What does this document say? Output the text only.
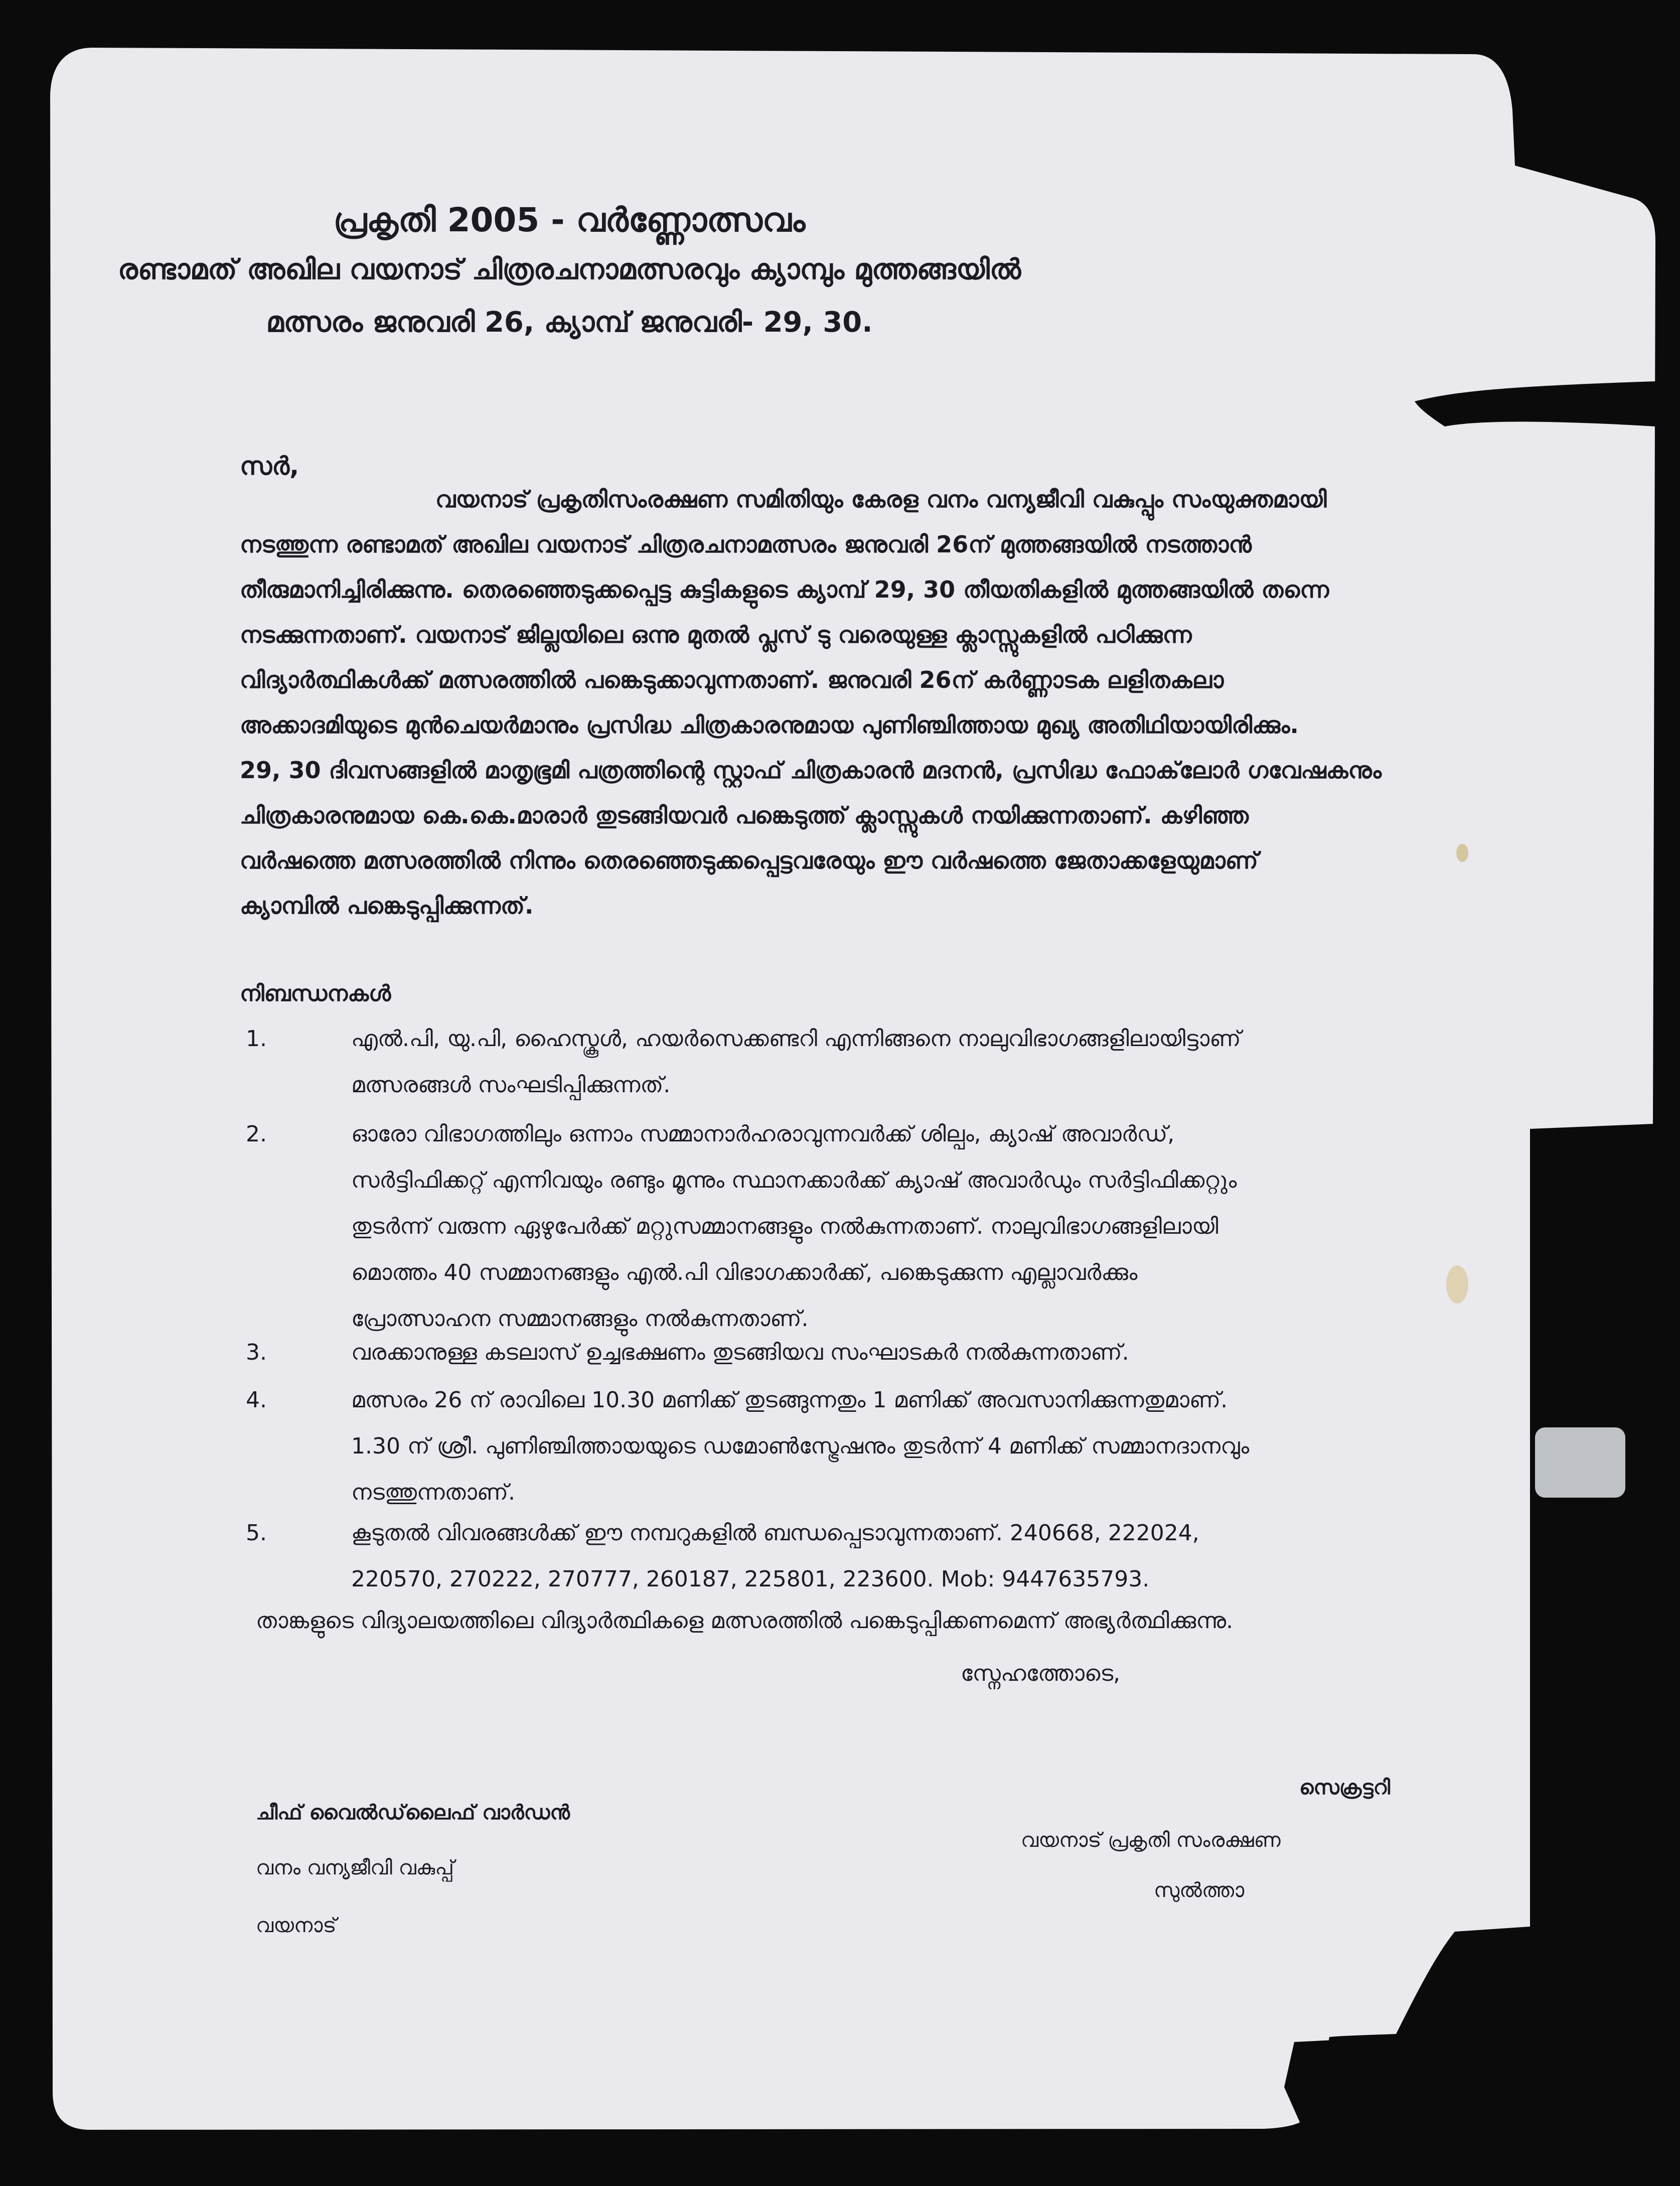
പ്രകൃതി 2005 - വർണ്ണോത്സവം
രണ്ടാമത് അഖില വയനാട് ചിത്രരചനാമത്സരവും ക്യാമ്പും മുത്തങ്ങയിൽ
മത്സരം ജനുവരി 26, ക്യാമ്പ് ജനുവരി- 29, 30.
സർ,
വയനാട് പ്രകൃതിസംരക്ഷണ സമിതിയും കേരള വനം വന്യജീവി വകുപ്പും സംയുക്തമായി
നടത്തുന്ന രണ്ടാമത് അഖില വയനാട് ചിത്രരചനാമത്സരം ജനുവരി 26ന് മുത്തങ്ങയിൽ നടത്താൻ
തീരുമാനിച്ചിരിക്കുന്നു. തെരഞ്ഞെടുക്കപ്പെട്ട കുട്ടികളുടെ ക്യാമ്പ് 29, 30 തീയതികളിൽ മുത്തങ്ങയിൽ തന്നെ
നടക്കുന്നതാണ്. വയനാട് ജില്ലയിലെ ഒന്നു മുതൽ പ്ലസ് ടു വരെയുള്ള ക്ലാസ്സുകളിൽ പഠിക്കുന്ന
വിദ്യാർത്ഥികൾക്ക് മത്സരത്തിൽ പങ്കെടുക്കാവുന്നതാണ്. ജനുവരി 26ന് കർണ്ണാടക ലളിതകലാ
അക്കാദമിയുടെ മുൻചെയർമാനും പ്രസിദ്ധ ചിത്രകാരനുമായ പുണിഞ്ചിത്തായ മുഖ്യ അതിഥിയായിരിക്കും.
29, 30 ദിവസങ്ങളിൽ മാതൃഭൂമി പത്രത്തിന്റെ സ്റ്റാഫ് ചിത്രകാരൻ മദനൻ, പ്രസിദ്ധ ഫോക്‌ലോർ ഗവേഷകനും
ചിത്രകാരനുമായ കെ.കെ.മാരാർ തുടങ്ങിയവർ പങ്കെടുത്ത് ക്ലാസ്സുകൾ നയിക്കുന്നതാണ്. കഴിഞ്ഞ
വർഷത്തെ മത്സരത്തിൽ നിന്നും തെരഞ്ഞെടുക്കപ്പെട്ടവരേയും ഈ വർഷത്തെ ജേതാക്കളേയുമാണ്
ക്യാമ്പിൽ പങ്കെടുപ്പിക്കുന്നത്.
നിബന്ധനകൾ
1.	എൽ.പി, യു.പി, ഹൈസ്കൂൾ, ഹയർസെക്കണ്ടറി എന്നിങ്ങനെ നാലുവിഭാഗങ്ങളിലായിട്ടാണ്
മത്സരങ്ങൾ സംഘടിപ്പിക്കുന്നത്.
2.	ഓരോ വിഭാഗത്തിലും ഒന്നാം സമ്മാനാർഹരാവുന്നവർക്ക് ശില്പം, ക്യാഷ് അവാർഡ്,
സർട്ടിഫിക്കറ്റ് എന്നിവയും രണ്ടും മൂന്നും സ്ഥാനക്കാർക്ക് ക്യാഷ് അവാർഡും സർട്ടിഫിക്കറ്റും
തുടർന്ന് വരുന്ന ഏഴുപേർക്ക് മറ്റുസമ്മാനങ്ങളും നൽകുന്നതാണ്. നാലുവിഭാഗങ്ങളിലായി
മൊത്തം 40 സമ്മാനങ്ങളും എൽ.പി വിഭാഗക്കാർക്ക്, പങ്കെടുക്കുന്ന എല്ലാവർക്കും
പ്രോത്സാഹന സമ്മാനങ്ങളും നൽകുന്നതാണ്.
3.	വരക്കാനുള്ള കടലാസ് ഉച്ചഭക്ഷണം തുടങ്ങിയവ സംഘാടകർ നൽകുന്നതാണ്.
4.	മത്സരം 26 ന് രാവിലെ 10.30 മണിക്ക് തുടങ്ങുന്നതും 1 മണിക്ക് അവസാനിക്കുന്നതുമാണ്.
1.30 ന് ശ്രീ. പുണിഞ്ചിത്തായയുടെ ഡമോൺസ്ട്രേഷനും തുടർന്ന് 4 മണിക്ക് സമ്മാനദാനവും
നടത്തുന്നതാണ്.
5.	കൂടുതൽ വിവരങ്ങൾക്ക് ഈ നമ്പറുകളിൽ ബന്ധപ്പെടാവുന്നതാണ്. 240668, 222024,
220570, 270222, 270777, 260187, 225801, 223600. Mob: 9447635793.
താങ്കളുടെ വിദ്യാലയത്തിലെ വിദ്യാർത്ഥികളെ മത്സരത്തിൽ പങ്കെടുപ്പിക്കണമെന്ന് അഭ്യർത്ഥിക്കുന്നു.
സ്നേഹത്തോടെ,
ചീഫ് വൈൽഡ്‌ലൈഫ് വാർഡൻ
വനം വന്യജീവി വകുപ്പ്
വയനാട്
സെക്രട്ടറി
വയനാട് പ്രകൃതി സംരക്ഷണ
സുൽത്താ
